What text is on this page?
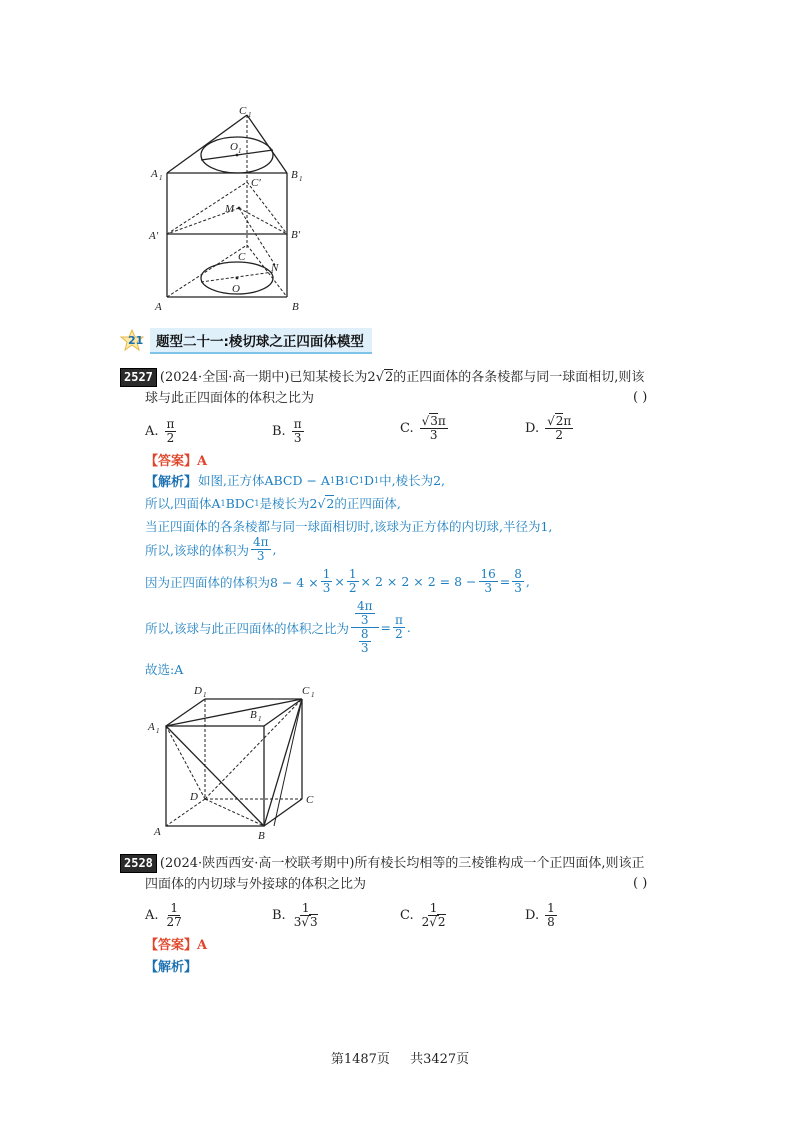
C 1
O 1
A 1	B 1
C′
M
A′	B′
C
N
O
A	B
21 题型二十一:棱切球之正四面体模型
2527 (2024·全国·高一期中)已知某棱长为2√2的正四面体的各条棱都与同一球面相切,则该
球与此正四面体的体积之比为	( )
A. $\frac{\pi}{2}$	B. $\frac{\pi}{3}$	C. $\frac{√3\pi}{3}$	D. $\frac{√2\pi}{2}$
【答案】A
【解析】 如图,正方体ABCD − A 1 B 1 C 1 D 1 中,棱长为2,
所以,四面体A 1 BDC 1 是棱长为2 √ 2 的正四面体,
当正四面体的各条棱都与同一球面相切时,该球为正方体的内切球,半径为1,
所以,该球的体积为 $\frac{4\pi}{3}$ ,
因为正四面体的体积为$8 - 4 \times \frac{1}{3} \times \frac{1}{2} \times 2 \times 2 \times 2 = 8 - \frac{16}{3} = \frac{8}{3}$ ,
所以,该球与此正四面体的体积之比为 $\frac{\frac{4\pi}{3}}{\frac{8}{3}} = \frac{\pi}{2}$ .
故选:A
D 1	C 1
A 1
B 1
D	C
A	B
2528 (2024·陕西西安·高一校联考期中)所有棱长均相等的三棱锥构成一个正四面体,则该正
四面体的内切球与外接球的体积之比为	( )
A. $\frac{1}{27}$	B. $\frac{1}{3√3}$	C. $\frac{1}{2√2}$	D. $\frac{1}{8}$
【答案】A
【解析】
第1487页 共3427页
